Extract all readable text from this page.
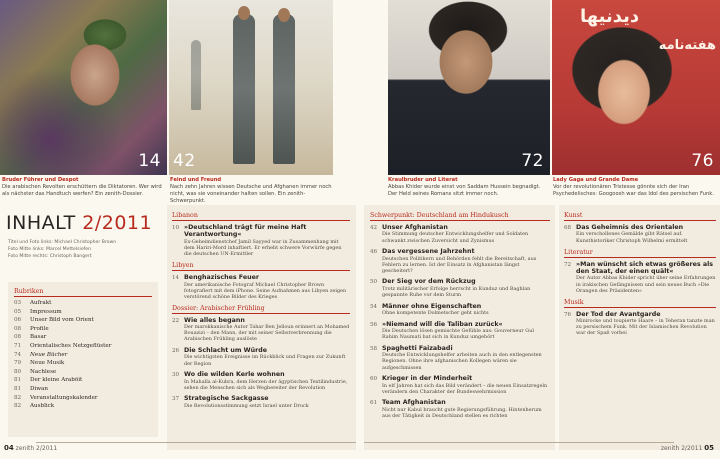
14 42	72
دیدنیها
هفته‌نامه
76
Bruder Führer und Despot
Die arabischen Revolten erschüttern die Diktatoren. Wer wird als nächster das Handtuch werfen? Ein zenith-Dossier.
Feind und Freund
Nach zehn Jahren wissen Deutsche und Afghanen immer noch nicht, was sie voneinander halten sollen. Ein zenith-Schwerpunkt.
Kraulbruder und Literat
Abbas Khider wurde einst von Saddam Hussein begnadigt. Der Held seines Romans sitzt immer noch.
Lady Gaga und Grande Dame
Vor der revolutionären Tristesse gönnte sich der Iran Psychedelisches: Googoosh war das Idol des persischen Funk.
INHALT 2/2011
Titel und Foto links: Michael Christopher Brown
Foto Mitte links: Marcel Mettelsiefen
Foto Mitte rechts: Christoph Bangert
Rubriken
03	Aufrakt
05	Impressum
06	Unser Bild vom Orient
08	Profile
08	Basar
71	Orientalisches Netzgeflüster
74	Neue Bücher
79	Neue Musik
80	Nachlese
81	Der kleine Araböit
81	Diwan
82	Veranstaltungskalender
82	Ausblick
Libanon
10 »Deutschland trägt für meine Haft Verantwortung«
Ex-Geheimdienstchef Jamil Sayyed war in Zusammenhang mit dem Hariri-Mord inhaftiert. Er erhebt schwere Vorwürfe gegen die deutschen UN-Ermittler
Libyen
14 Benghazisches Feuer
Der amerikanische Fotograf Michael Christopher Brown fotografiert mit dem iPhone. Seine Aufnahmen aus Libyen zeigen verstörend schöne Bilder des Krieges
Dossier: Arabischer Frühling
22 Wie alles begann
Der marokkanische Autor Tahar Ben Jelloun erinnert an Mohamed Bouazizi – den Mann, der mit seiner Selbstverbrennung die Arabischen Frühling auslöste
26 Die Schlacht um Würde
Die wichtigsten Ereignisse im Rückblick und Fragen zur Zukunft der Region
30 Wo die wilden Kerle wohnen
In Mahalla al-Kubra, dem Herzen der ägyptischen Textilindustrie, sehen die Menschen sich als Wegbereiter der Revolution
37 Strategische Sackgasse
Die Revolutionsstimmung setzt Israel unter Druck
Schwerpunkt: Deutschland am Hindukusch
42 Unser Afghanistan
Die Stimmung deutscher Entwicklungshelfer und Soldaten schwankt zwischen Zuversicht und Zynismus
46 Das vergessene Jahrzehnt
Deutschen Politikern und Behörden fehlt die Bereitschaft, aus Fehlern zu lernen. Ist der Einsatz in Afghanistan längst gescheitert?
50 Der Sieg vor dem Rückzug
Trotz militärischer Erfolge herrscht in Kunduz und Baghlan gespannte Ruhe vor dem Sturm
54 Männer ohne Eigenschaften
Ohne kompetente Dolmetscher geht nichts
56 »Niemand will die Taliban zurück«
Die Deutschen lösen gemischte Gefühle aus: Gouverneur Gul Rahim Naumati hat sich in Kunduz umgehört
58 Spaghetti Faizabadi
Deutsche Entwicklungshelfer arbeiten auch in den entlegensten Regionen. Ohne ihre afghanischen Kollegen wären sie aufgeschmissen
60 Krieger in der Minderheit
In elf Jahren hat sich das Bild verändert – die neuen Einsatzregeln verändern den Charakter der Bundeswehrmission
61 Team Afghanistan
Nicht nur Kabul braucht gute Regierungsführung. Hintenherum aus der Tätigkeit in Deutschland stellen es richten
Kunst
68 Das Geheimnis des Orientalen
Ein verschollenes Gemälde gibt Rätsel auf. Kunsthistoriker Christoph Wilhelmi ermittelt
Literatur
72 »Man wünscht sich etwas größeres als den Staat, der einen quält«
Der Autor Abbas Khider spricht über seine Erfahrungen in irakischen Gefängnissen und sein neues Buch »Die Orangen des Präsidenten«
Musik
76 Der Tod der Avantgarde
Minirocke und toupierte Haare – in Teheran tanzte man zu persischem Funk. Mit der Islamischen Revolution war der Spaß vorbei
04 zenith 2/2011	zenith 2/2011 05
